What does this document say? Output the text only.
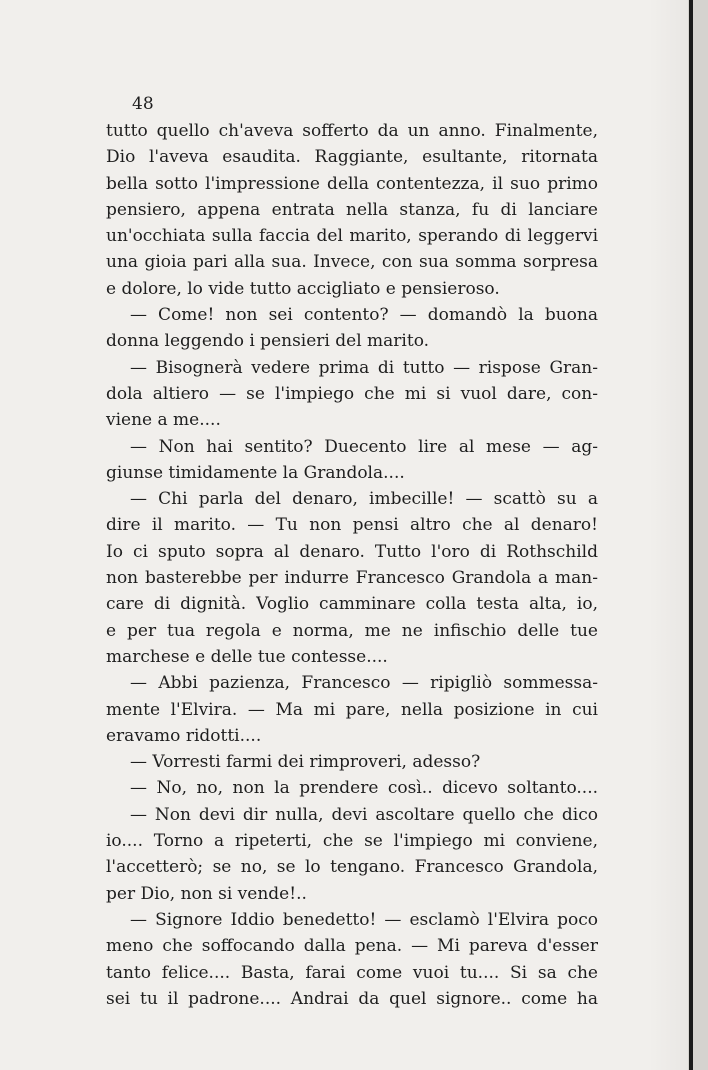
48
tutto quello ch'aveva sofferto da un anno. Finalmente,
Dio l'aveva esaudita. Raggiante, esultante, ritornata
bella sotto l'impressione della contentezza, il suo primo
pensiero, appena entrata nella stanza, fu di lanciare
un'occhiata sulla faccia del marito, sperando di leggervi
una gioia pari alla sua. Invece, con sua somma sorpresa
e dolore, lo vide tutto accigliato e pensieroso.
— Come! non sei contento? — domandò la buona
donna leggendo i pensieri del marito.
— Bisognerà vedere prima di tutto — rispose Gran-
dola altiero — se l'impiego che mi si vuol dare, con-
viene a me....
— Non hai sentito? Duecento lire al mese — ag-
giunse timidamente la Grandola....
— Chi parla del denaro, imbecille! — scattò su a
dire il marito. — Tu non pensi altro che al denaro!
Io ci sputo sopra al denaro. Tutto l'oro di Rothschild
non basterebbe per indurre Francesco Grandola a man-
care di dignità. Voglio camminare colla testa alta, io,
e per tua regola e norma, me ne infischio delle tue
marchese e delle tue contesse....
— Abbi pazienza, Francesco — ripigliò sommessa-
mente l'Elvira. — Ma mi pare, nella posizione in cui
eravamo ridotti....
— Vorresti farmi dei rimproveri, adesso?
— No, no, non la prendere così.. dicevo soltanto....
— Non devi dir nulla, devi ascoltare quello che dico
io.... Torno a ripeterti, che se l'impiego mi conviene,
l'accetterò; se no, se lo tengano. Francesco Grandola,
per Dio, non si vende!..
— Signore Iddio benedetto! — esclamò l'Elvira poco
meno che soffocando dalla pena. — Mi pareva d'esser
tanto felice.... Basta, farai come vuoi tu.... Si sa che
sei tu il padrone.... Andrai da quel signore.. come ha
